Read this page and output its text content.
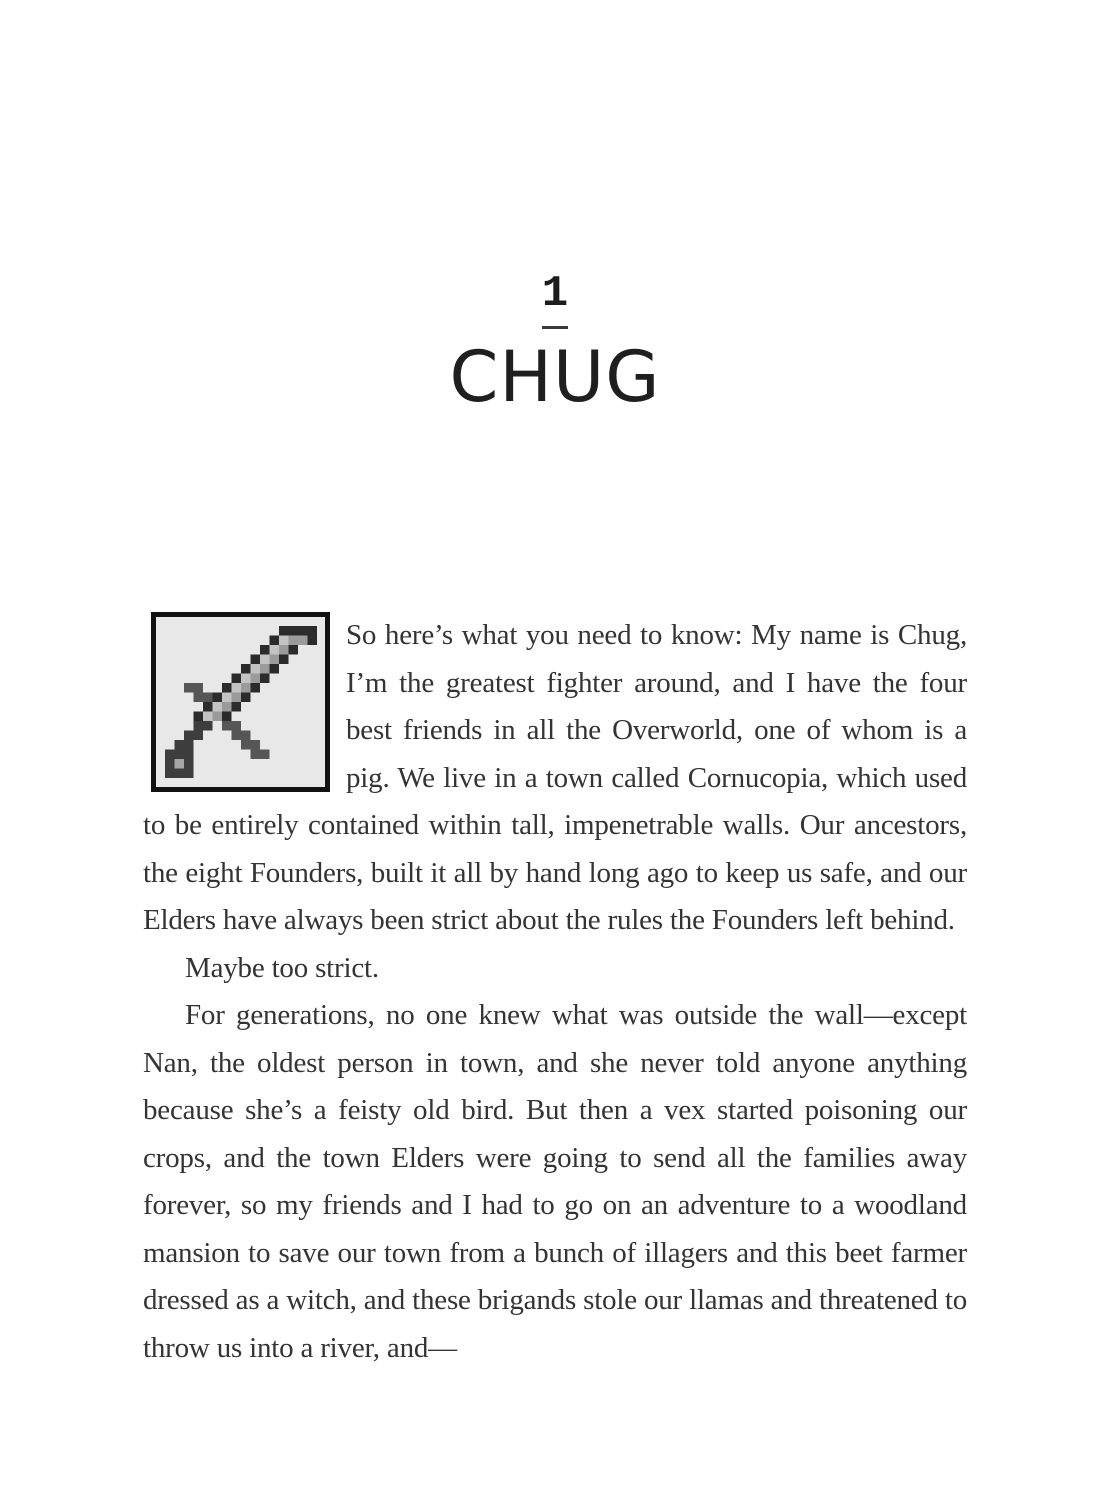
1
CHUG

So here’s what you need to know: My name is Chug, I’m the greatest fighter around, and I have the four best friends in all the Overworld, one of whom is a pig. We live in a town called Cornucopia, which used to be entirely contained within tall, impenetrable walls. Our ancestors, the eight Founders, built it all by hand long ago to keep us safe, and our Elders have always been strict about the rules the Founders left behind.

Maybe too strict.

For generations, no one knew what was outside the wall—except Nan, the oldest person in town, and she never told anyone anything because she’s a feisty old bird. But then a vex started poisoning our crops, and the town Elders were going to send all the families away forever, so my friends and I had to go on an adventure to a woodland mansion to save our town from a bunch of illagers and this beet farmer dressed as a witch, and these brigands stole our llamas and threatened to throw us into a river, and—
